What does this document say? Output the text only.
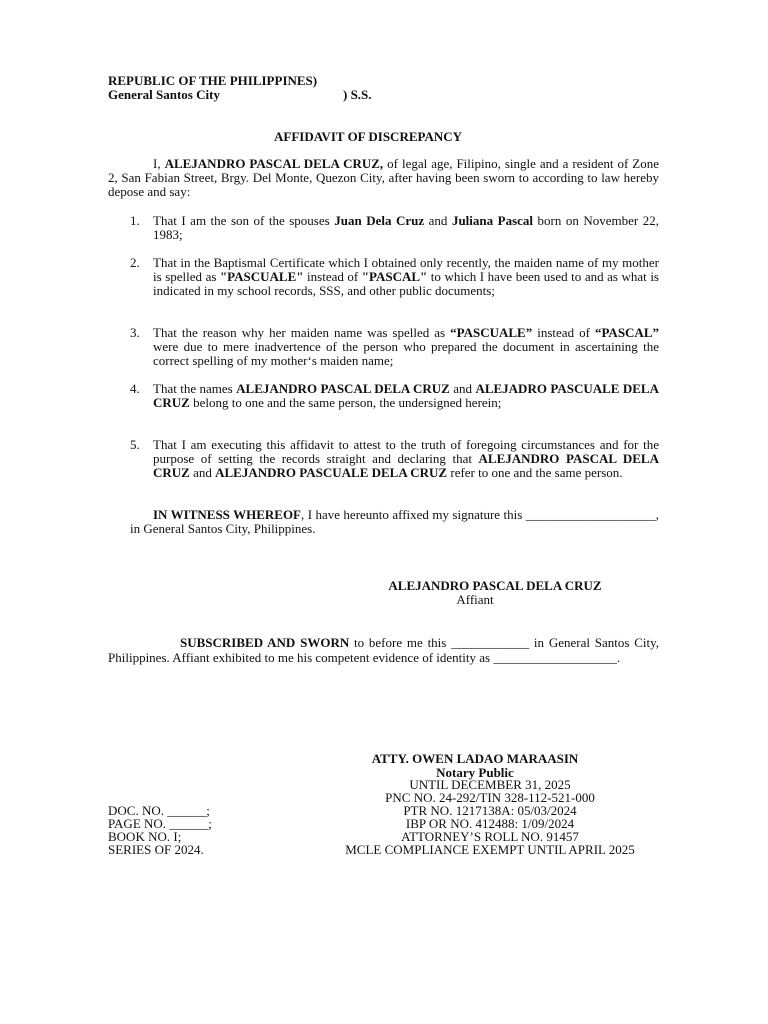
REPUBLIC OF THE PHILIPPINES)
General Santos City	) S.S.
AFFIDAVIT OF DISCREPANCY
I, ALEJANDRO PASCAL DELA CRUZ, of legal age, Filipino, single and a resident of Zone 2, San Fabian Street, Brgy. Del Monte, Quezon City, after having been sworn to according to law hereby depose and say:
1. That I am the son of the spouses Juan Dela Cruz and Juliana Pascal born on November 22, 1983;
2. That in the Baptismal Certificate which I obtained only recently, the maiden name of my mother is spelled as "PASCUALE" instead of "PASCAL" to which I have been used to and as what is indicated in my school records, SSS, and other public documents;
3. That the reason why her maiden name was spelled as “PASCUALE” instead of “PASCAL” were due to mere inadvertence of the person who prepared the document in ascertaining the correct spelling of my mother‘s maiden name;
4. That the names ALEJANDRO PASCAL DELA CRUZ and ALEJADRO PASCUALE DELA CRUZ belong to one and the same person, the undersigned herein;
5. That I am executing this affidavit to attest to the truth of foregoing circumstances and for the purpose of setting the records straight and declaring that ALEJANDRO PASCAL DELA CRUZ and ALEJANDRO PASCUALE DELA CRUZ refer to one and the same person.
IN WITNESS WHEREOF, I have hereunto affixed my signature this ____________________, in General Santos City, Philippines.
ALEJANDRO PASCAL DELA CRUZ
Affiant
SUBSCRIBED AND SWORN to before me this ____________ in General Santos City, Philippines. Affiant exhibited to me his competent evidence of identity as ___________________.
ATTY. OWEN LADAO MARAASIN
Notary Public
UNTIL DECEMBER 31, 2025
PNC NO. 24-292/TIN 328-112-521-000
PTR NO. 1217138A: 05/03/2024
IBP OR NO. 412488: 1/09/2024
ATTORNEY’S ROLL NO. 91457
MCLE COMPLIANCE EXEMPT UNTIL APRIL 2025
DOC. NO. ______;
PAGE NO. ______;
BOOK NO. I;
SERIES OF 2024.
